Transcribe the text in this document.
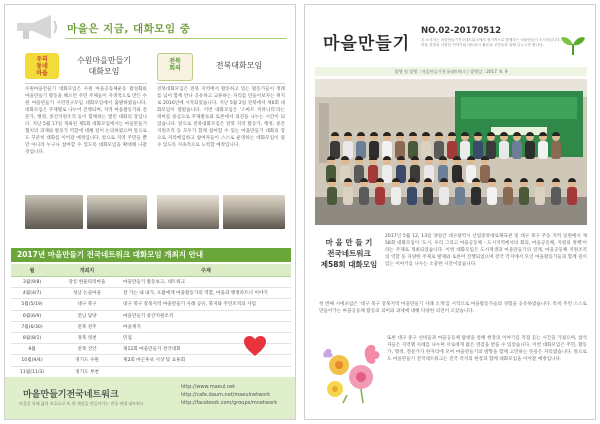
마을은 지금, 대화모임 중
우리
동네
마을
수원마을만들기
대화모임
수원마을만들기 대화모임은 수원 마을공동체운동 활성화와 마을만들기 활동을 해오던 주민 주체들이 자생적으로 만든 수원 마을만들기 시민연구모임 대화모임에서 출발하였습니다. 대화모임은 주제별로 나누어 진행되며, 지역 마을활동가와 전문가, 행정, 중간지원조직 등이 함께하는 열린 대화의 장입니다. 지난 5월 17일 개최된 제5회 대화모임에서는 마을만들기 협치의 과제와 활동가 역할에 대해 깊이 논의하였으며 앞으로도 꾸준히 대화를 이어갈 예정입니다. 앞으로 지역 주민들 뿐만 아니라 누구나 참여할 수 있도록 대화모임을 확대해 나갈 것입니다.
전북
회의	전북대화모임
전북대화모임은 전북 지역에서 활동하고 있는 활동가들이 정례를 넘어 함께 만나 공유하고 교류하는 자리를 만들어보자는 취지로 2016년에 시작되었습니다. 지난 5월 2일 전북에서 제6회 대화모임이 열렸습니다. 이번 대화모임은 '스마트 커뮤니티'라는 테마를 중심으로 주제발표와 토론에서 의견을 나누는 시간이 되었습니다. 앞으로 전북대화모임은 전북 지역 활동가, 행정, 중간지원조직 등 모두가 함께 참여할 수 있는 마을만들기 대화의 장으로 자리매김하고 참여자들이 스스로 운영하는 대화모임이 될 수 있도록 지속적으로 노력할 예정입니다.
2017년 마을만들기 전국네트워크 대화모임 개최지 안내
월	개최지	주제
3월(9/8)	강릉 한울타리마을	마을만들기 활동보고, 네트워크
4월(4/7)	성남 논골마을	잘 가는 내 내가, 포괄에게 마을활동가의 역할, 마을과 행정파트너 이야기
5월(5/19)	대구 북구	대구 북구 강북지역 마을만들기 사례 공유, 북지와 주민조직의 사업
6월(6/9)	전남 담양	마을만들기 중간지원조직
7월(6/30)	전북 전주	마을계지
8월(8/1)	경북 영천	민집
9월	전북 진안	제12회 마을만들기 전국대회
10월(9/4)	경기도 수원	제2회 마곤후보 시상 및 표류회
11월(11/3)	경기도 부천	
마을만들기전국네트워크
마을을 통해 삶의 보호으로 또 한 세상을 만들어가는 전국 연대 네트워크
http://www.maeul.net
http://cafe.daum.net/maeulnetwork
http://facebook.com/groups/mnetwork
마을만들기
NO.02-20170512
본 소식지는 마을만들기전국네트워크에서 정기적으로 발행하는 마을만들기 소식지입니다. 마을 현장의 다양한 이야기와 네트워크 활동을 주민들과 함께 나누고자 합니다.
발행 및 발행 : 마을만들기전국네트워크 | 발행일 : 2017. 6. 9
마 을 만 들 기
전국네트워크
제58회 대화모임
2017년 5월 12, 13일 양일간 대구광역시 산업중앙대로체육관 및 대구 북구 주동 지역 일원에서 제58회 대화모임이 '도시, 우리 그리고 마을공동체 - 도시지역에서의 회의, 마을공동체, 지원의 정책'이라는 주제로 개최되었습니다. 이번 대화모임은 도시재생과 마을만들기의 연계, 마을공동체 지원조직의 역할 등 다양한 주제로 발제와 토론이 진행되었으며 전국 각지에서 모인 마을활동가들과 함께 깊이 있는 이야기를 나누는 소중한 시간이었습니다.
첫 번째 시에포럼은 '대구 북구 강북지역 마을만들기 사례 소개'를 시작으로 마을활동가들의 경험을 공유하였습니다. 특히 주민 스스로 만들어가는 마을공동체 활동의 의미와 과제에 대해 다양한 의견이 오갔습니다.
또한 대구 중구 선비들과 마을공동체 탐방을 통해 현장의 이야기를 직접 듣는 시간을 가졌으며, 참석자들은 지역별 사례를 나누며 서로에게 많은 영감을 받을 수 있었습니다. 이번 대화모임은 주민, 활동가, 행정, 전문가가 한자리에 모여 마을만들기의 방향을 함께 고민하는 뜻깊은 자리였습니다. 앞으로도 마을만들기 전국네트워크는 전국 각지의 현장과 함께 대화모임을 이어갈 예정입니다.
